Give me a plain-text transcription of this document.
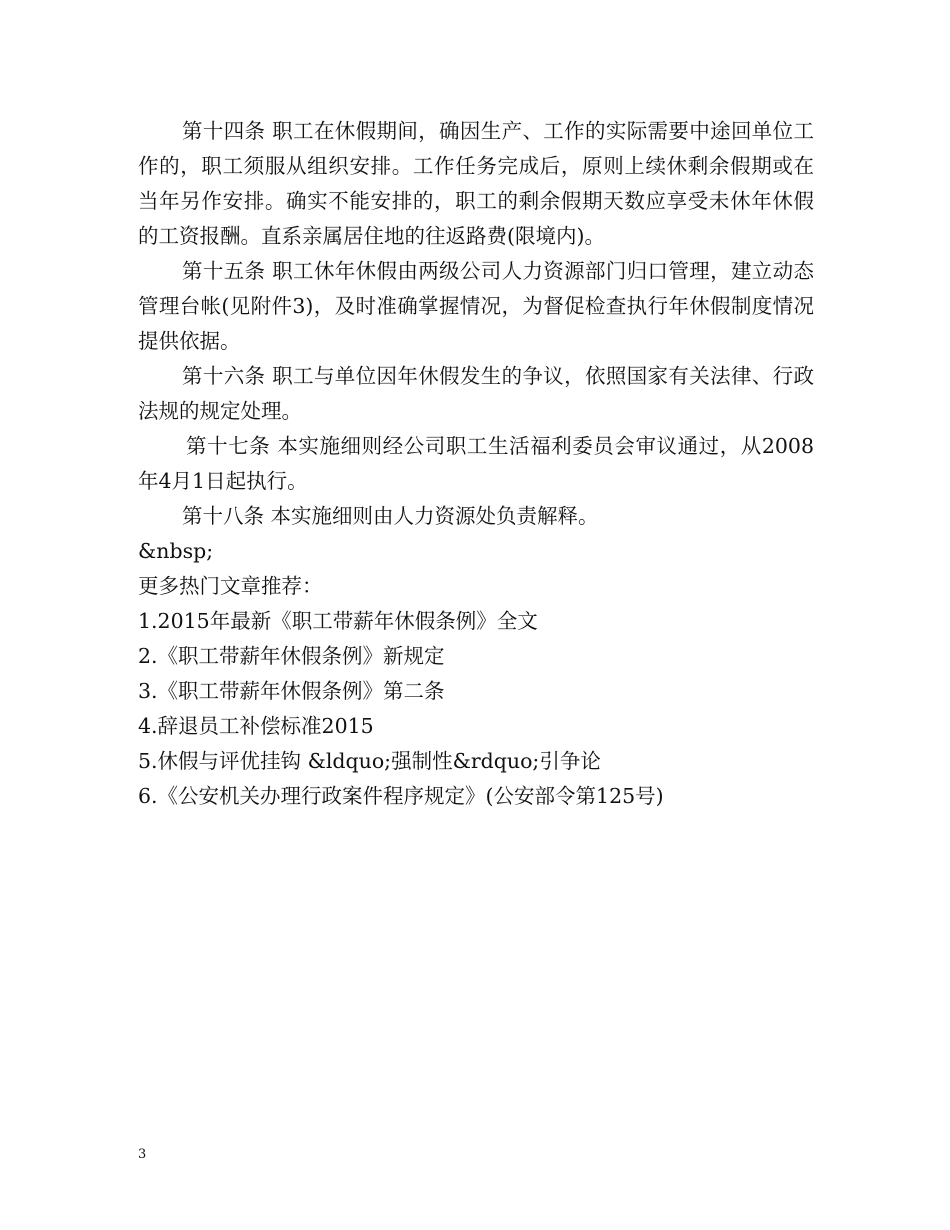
第十四条 职工在休假期间，确因生产、工作的实际需要中途回单位工作的，职工须服从组织安排。工作任务完成后，原则上续休剩余假期或在当年另作安排。确实不能安排的，职工的剩余假期天数应享受未休年休假的工资报酬。直系亲属居住地的往返路费(限境内)。

第十五条 职工休年休假由两级公司人力资源部门归口管理，建立动态管理台帐(见附件3)，及时准确掌握情况，为督促检查执行年休假制度情况提供依据。

第十六条 职工与单位因年休假发生的争议，依照国家有关法律、行政法规的规定处理。

第十七条 本实施细则经公司职工生活福利委员会审议通过，从2008年4月1日起执行。

第十八条 本实施细则由人力资源处负责解释。

&nbsp;

更多热门文章推荐：

1.2015年最新《职工带薪年休假条例》全文

2.《职工带薪年休假条例》新规定

3.《职工带薪年休假条例》第二条

4.辞退员工补偿标准2015

5.休假与评优挂钩 &ldquo;强制性&rdquo;引争论

6.《公安机关办理行政案件程序规定》(公安部令第125号)

3
